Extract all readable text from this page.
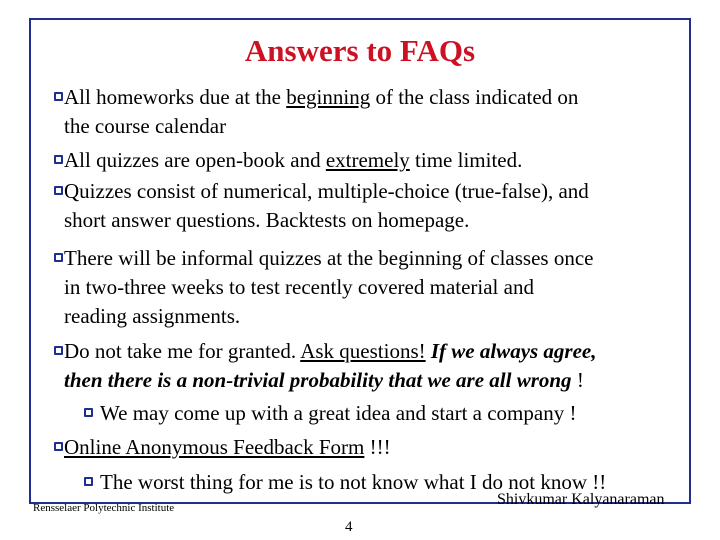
Answers to FAQs
All homeworks due at the beginning of the class indicated on
the course calendar
All quizzes are open-book and extremely time limited.
Quizzes consist of numerical, multiple-choice (true-false), and
short answer questions. Backtests on homepage.
There will be informal quizzes at the beginning of classes once
in two-three weeks to test recently covered material and
reading assignments.
Do not take me for granted. Ask questions! If we always agree,
then there is a non-trivial probability that we are all wrong !
We may come up with a great idea and start a company !
Online Anonymous Feedback Form !!!
The worst thing for me is to not know what I do not know !!
Rensselaer Polytechnic Institute	Shivkumar Kalyanaraman
4
